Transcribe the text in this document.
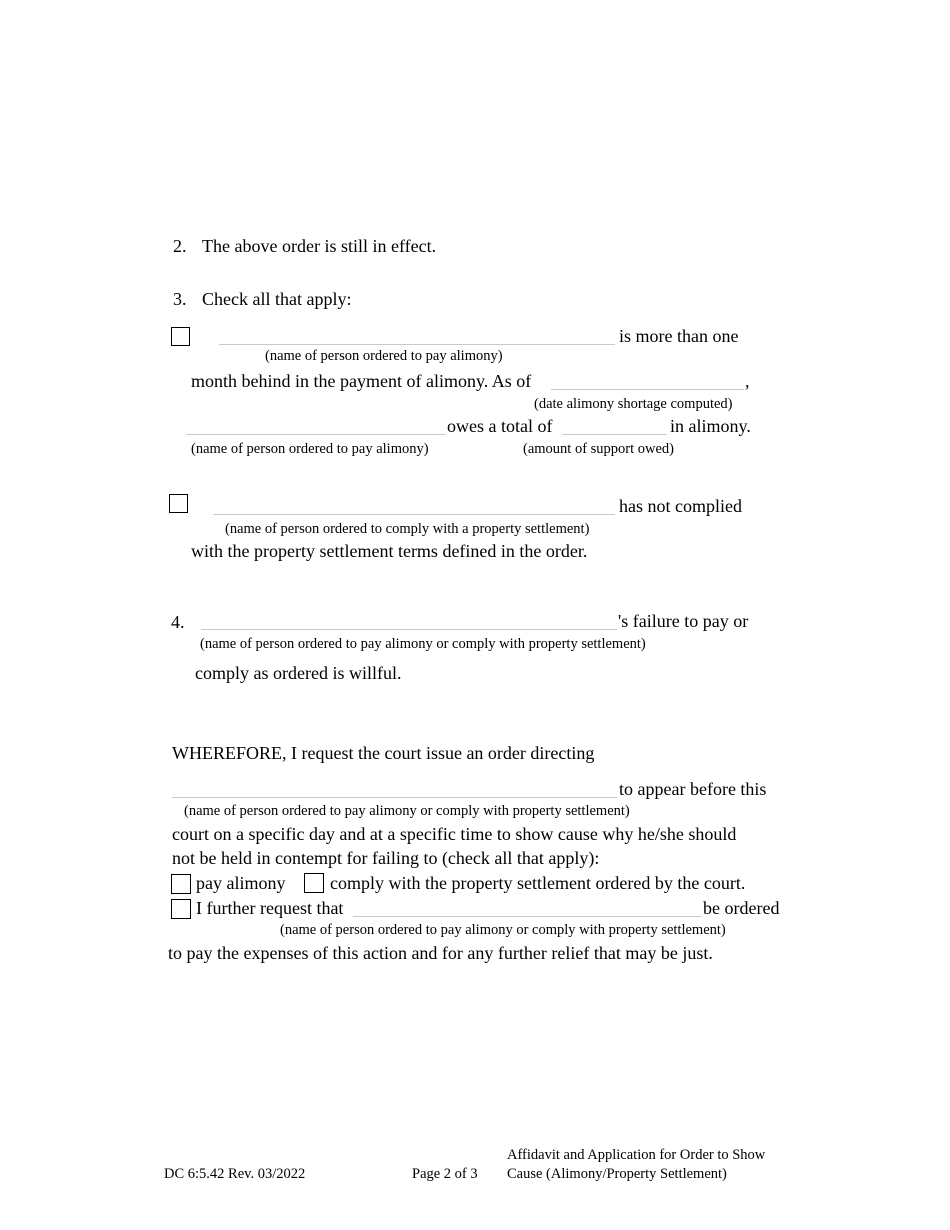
2. The above order is still in effect.
3. Check all that apply:
is more than one
(name of person ordered to pay alimony)
month behind in the payment of alimony. As of	,
(date alimony shortage computed)
owes a total of	in alimony.
(name of person ordered to pay alimony)	(amount of support owed)
has not complied
(name of person ordered to comply with a property settlement)
with the property settlement terms defined in the order.
4.	's failure to pay or
(name of person ordered to pay alimony or comply with property settlement)
comply as ordered is willful.
WHEREFORE, I request the court issue an order directing
to appear before this
(name of person ordered to pay alimony or comply with property settlement)
court on a specific day and at a specific time to show cause why he/she should
not be held in contempt for failing to (check all that apply):
pay alimony comply with the property settlement ordered by the court.
I further request that	be ordered
(name of person ordered to pay alimony or comply with property settlement)
to pay the expenses of this action and for any further relief that may be just.
DC 6:5.42 Rev. 03/2022	Page 2 of 3
Affidavit and Application for Order to Show
Cause (Alimony/Property Settlement)
